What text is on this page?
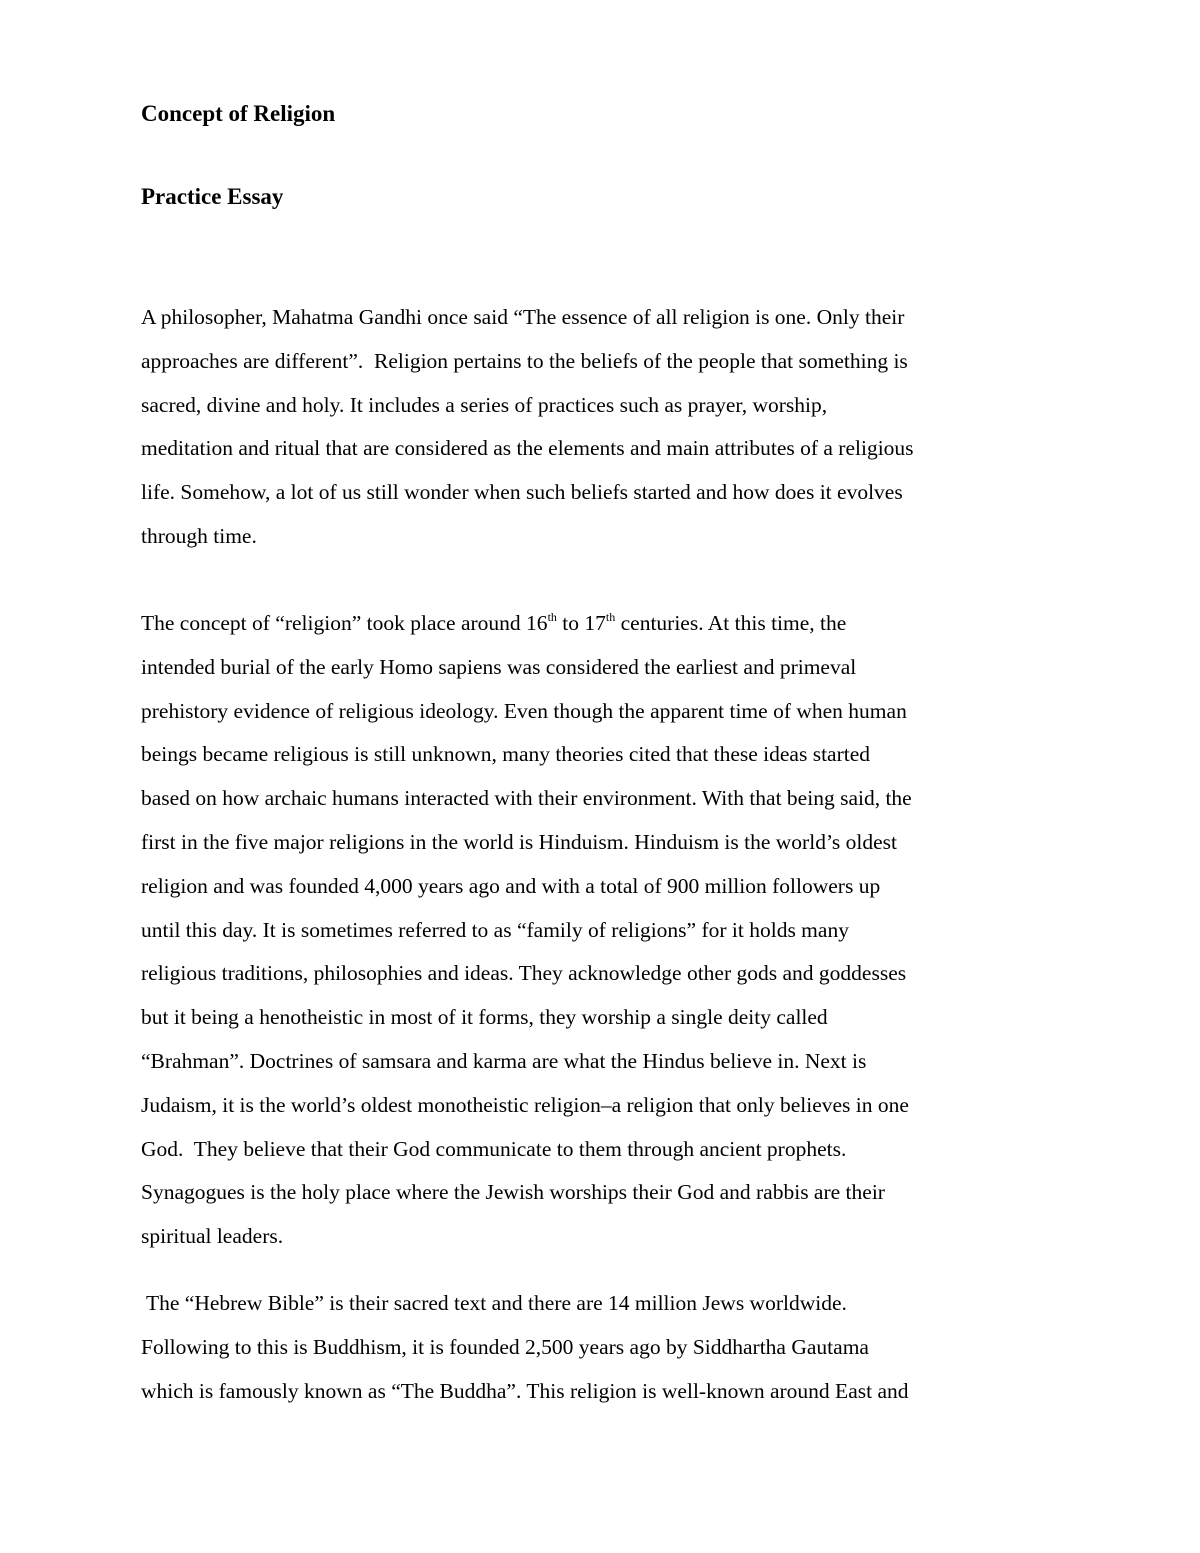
Concept of Religion
Practice Essay
A philosopher, Mahatma Gandhi once said “The essence of all religion is one. Only their
approaches are different”.  Religion pertains to the beliefs of the people that something is
sacred, divine and holy. It includes a series of practices such as prayer, worship,
meditation and ritual that are considered as the elements and main attributes of a religious
life. Somehow, a lot of us still wonder when such beliefs started and how does it evolves
through time.
The concept of “religion” took place around 16th to 17th centuries. At this time, the
intended burial of the early Homo sapiens was considered the earliest and primeval
prehistory evidence of religious ideology. Even though the apparent time of when human
beings became religious is still unknown, many theories cited that these ideas started
based on how archaic humans interacted with their environment. With that being said, the
first in the five major religions in the world is Hinduism. Hinduism is the world’s oldest
religion and was founded 4,000 years ago and with a total of 900 million followers up
until this day. It is sometimes referred to as “family of religions” for it holds many
religious traditions, philosophies and ideas. They acknowledge other gods and goddesses
but it being a henotheistic in most of it forms, they worship a single deity called
“Brahman”. Doctrines of samsara and karma are what the Hindus believe in. Next is
Judaism, it is the world’s oldest monotheistic religion–a religion that only believes in one
God.  They believe that their God communicate to them through ancient prophets.
Synagogues is the holy place where the Jewish worships their God and rabbis are their
spiritual leaders.
The “Hebrew Bible” is their sacred text and there are 14 million Jews worldwide.
Following to this is Buddhism, it is founded 2,500 years ago by Siddhartha Gautama
which is famously known as “The Buddha”. This religion is well-known around East and
